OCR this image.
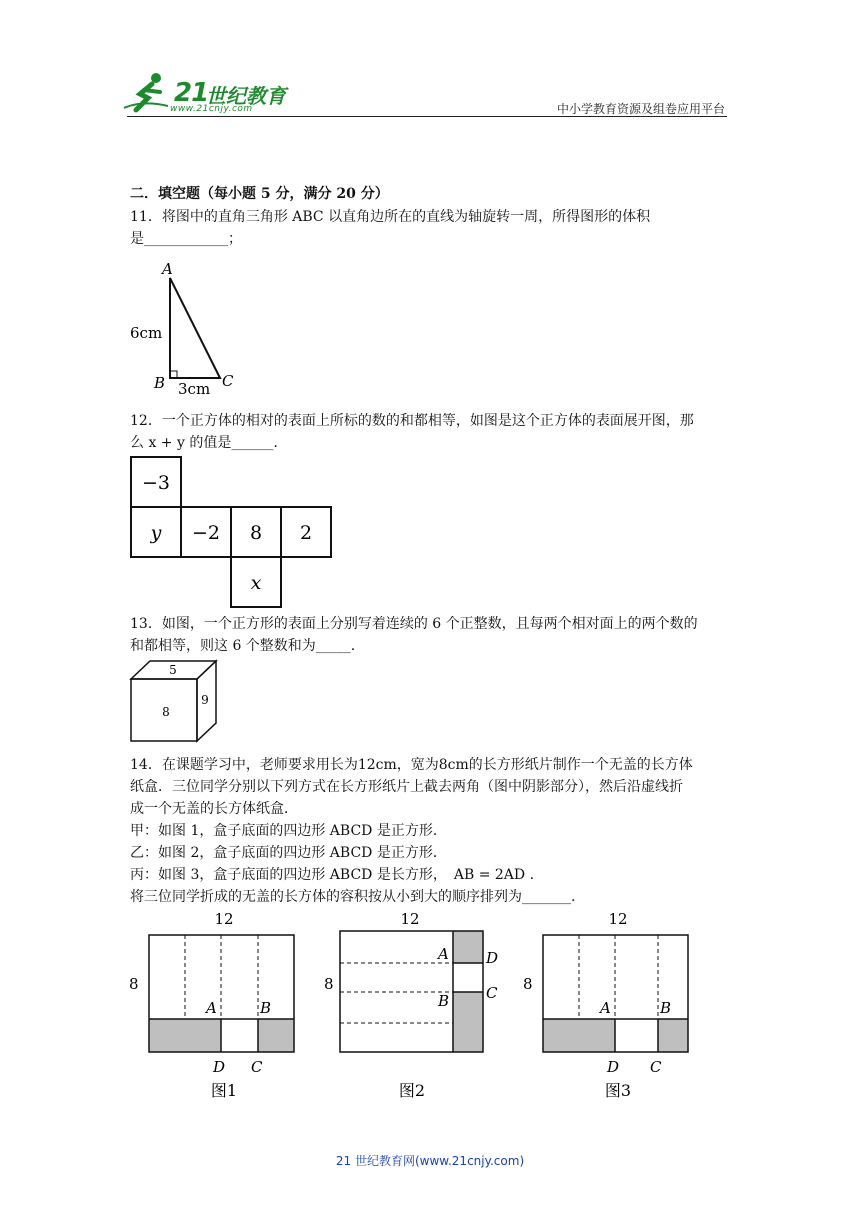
21
世纪教育
www.21cnjy.com	中小学教育资源及组卷应用平台
二．填空题（每小题 5 分，满分 20 分）
11．将图中的直角三角形 ABC 以直角边所在的直线为轴旋转一周，所得图形的体积
是____________；
A
B	C
6cm
3cm
12．一个正方体的相对的表面上所标的数的和都相等，如图是这个正方体的表面展开图，那
么 x + y 的值是______.
−3
y −2 8 2
x
13．如图，一个正方形的表面上分别写着连续的 6 个正整数，且每两个相对面上的两个数的
和都相等，则这 6 个整数和为_____.
5
8
9
14．在课题学习中，老师要求用长为12cm，宽为8cm的长方形纸片制作一个无盖的长方体
纸盒．三位同学分别以下列方式在长方形纸片上截去两角（图中阴影部分），然后沿虚线折
成一个无盖的长方体纸盒．
甲：如图 1，盒子底面的四边形 ABCD 是正方形．
乙：如图 2，盒子底面的四边形 ABCD 是正方形．
丙：如图 3，盒子底面的四边形 ABCD 是长方形，　AB = 2AD .
将三位同学折成的无盖的长方体的容积按从小到大的顺序排列为_______.
12
8
A	B
D C
图1
12
8
A D
B C
图2
12
8
A	B
D C
图3
21 世纪教育网(www.21cnjy.com)
